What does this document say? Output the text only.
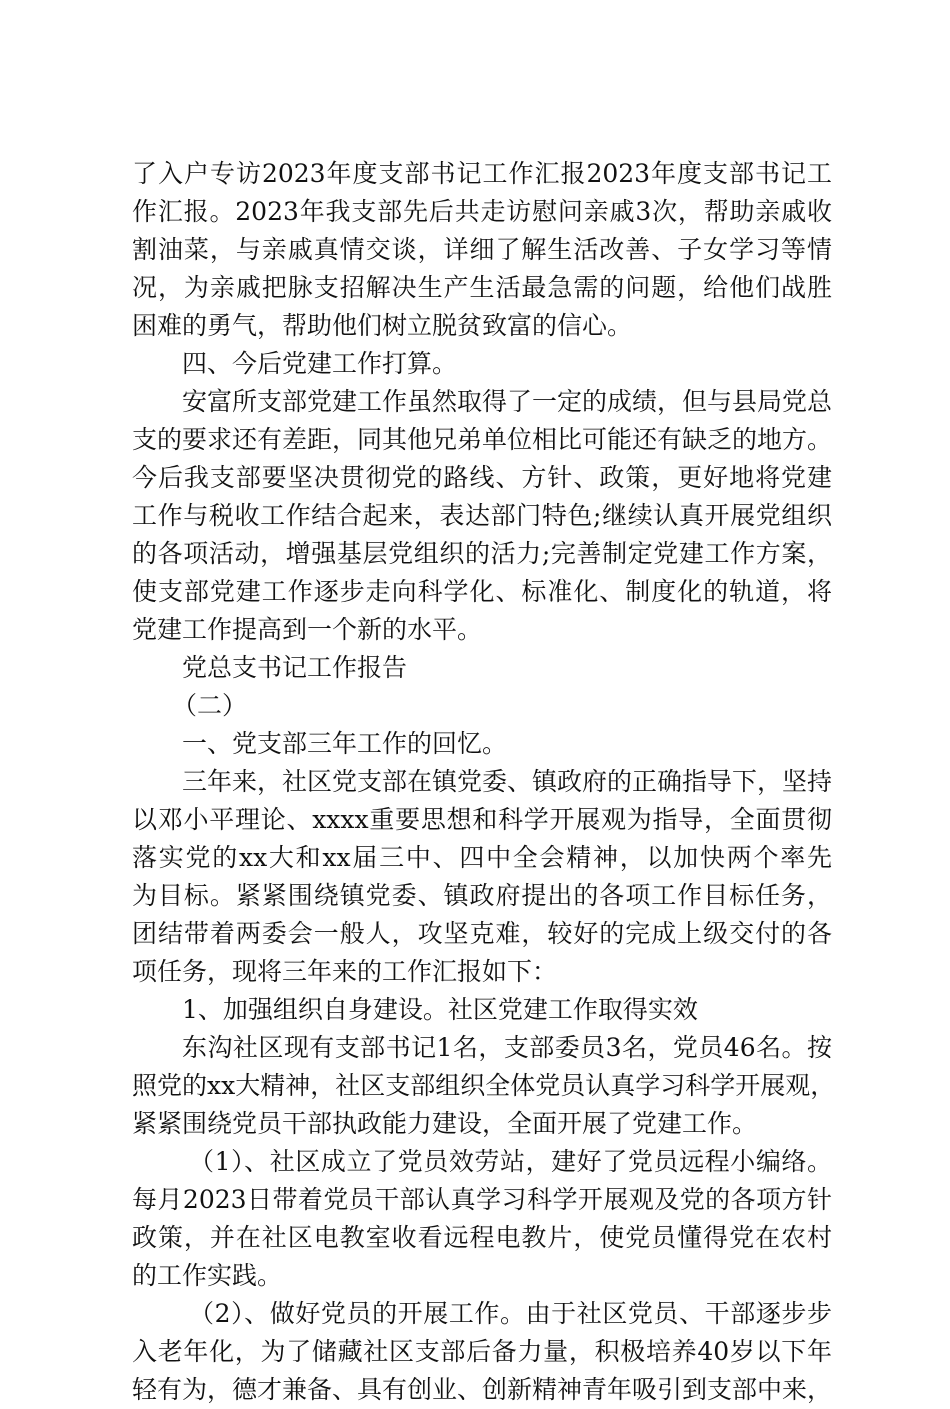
了入户专访2023年度支部书记工作汇报2023年度支部书记工
作汇报。2023年我支部先后共走访慰问亲戚3次，帮助亲戚收
割油菜，与亲戚真情交谈，详细了解生活改善、子女学习等情
况，为亲戚把脉支招解决生产生活最急需的问题，给他们战胜
困难的勇气，帮助他们树立脱贫致富的信心。
四、今后党建工作打算。
安富所支部党建工作虽然取得了一定的成绩，但与县局党总
支的要求还有差距，同其他兄弟单位相比可能还有缺乏的地方。
今后我支部要坚决贯彻党的路线、方针、政策，更好地将党建
工作与税收工作结合起来，表达部门特色;继续认真开展党组织
的各项活动，增强基层党组织的活力;完善制定党建工作方案，
使支部党建工作逐步走向科学化、标准化、制度化的轨道，将
党建工作提高到一个新的水平。
党总支书记工作报告
（二）
一、党支部三年工作的回忆。
三年来，社区党支部在镇党委、镇政府的正确指导下，坚持
以邓小平理论、xxxx重要思想和科学开展观为指导，全面贯彻
落实党的xx大和xx届三中、四中全会精神，以加快两个率先
为目标。紧紧围绕镇党委、镇政府提出的各项工作目标任务，
团结带着两委会一般人，攻坚克难，较好的完成上级交付的各
项任务，现将三年来的工作汇报如下：
1、加强组织自身建设。社区党建工作取得实效
东沟社区现有支部书记1名，支部委员3名，党员46名。按
照党的xx大精神，社区支部组织全体党员认真学习科学开展观，
紧紧围绕党员干部执政能力建设，全面开展了党建工作。
（1）、社区成立了党员效劳站，建好了党员远程小编络。
每月2023日带着党员干部认真学习科学开展观及党的各项方针
政策，并在社区电教室收看远程电教片，使党员懂得党在农村
的工作实践。
（2）、做好党员的开展工作。由于社区党员、干部逐步步
入老年化，为了储藏社区支部后备力量，积极培养40岁以下年
轻有为，德才兼备、具有创业、创新精神青年吸引到支部中来，
